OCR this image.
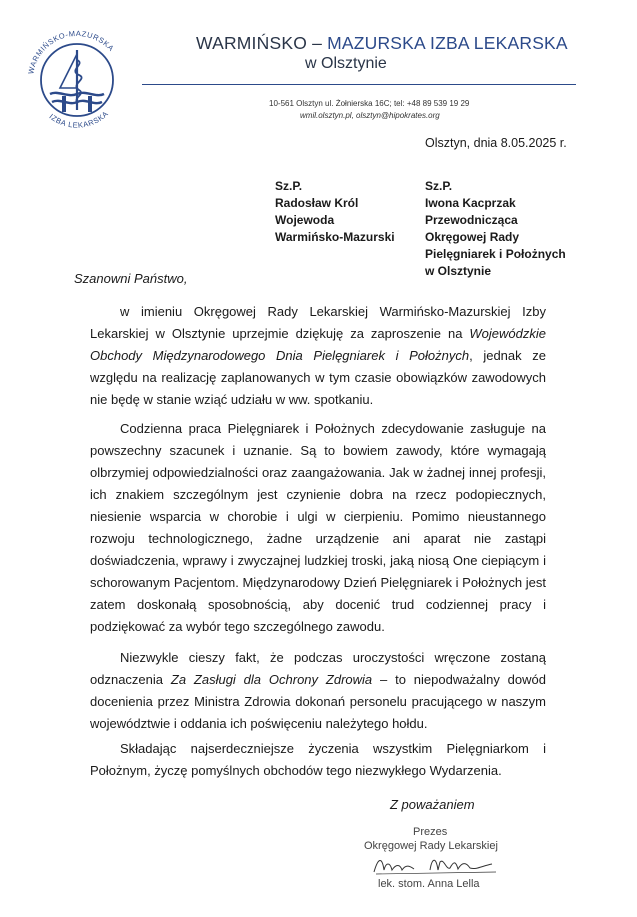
WARMIŃSKO-MAZURSKA
IZBA LEKARSKA
WARMIŃSKO – MAZURSKA IZBA LEKARSKA
w Olsztynie
10-561 Olsztyn ul. Żołnierska 16C; tel: +48 89 539 19 29
wmil.olsztyn.pl, olsztyn@hipokrates.org
Olsztyn, dnia 8.05.2025 r.
Sz.P.
Radosław Król
Wojewoda
Warmińsko-Mazurski
Sz.P.
Iwona Kacprzak
Przewodnicząca
Okręgowej Rady
Pielęgniarek i Położnych
w Olsztynie
Szanowni Państwo,

w imieniu Okręgowej Rady Lekarskiej Warmińsko-Mazurskiej Izby Lekarskiej w Olsztynie uprzejmie dziękuję za zaproszenie na Wojewódzkie Obchody Międzynarodowego Dnia Pielęgniarek i Położnych, jednak ze względu na realizację zaplanowanych w tym czasie obowiązków zawodowych nie będę w stanie wziąć udziału w ww. spotkaniu.

Codzienna praca Pielęgniarek i Położnych zdecydowanie zasługuje na powszechny szacunek i uznanie. Są to bowiem zawody, które wymagają olbrzymiej odpowiedzialności oraz zaangażowania. Jak w żadnej innej profesji, ich znakiem szczególnym jest czynienie dobra na rzecz podopiecznych, niesienie wsparcia w chorobie i ulgi w cierpieniu. Pomimo nieustannego rozwoju technologicznego, żadne urządzenie ani aparat nie zastąpi doświadczenia, wprawy i zwyczajnej ludzkiej troski, jaką niosą One ciepiącym i schorowanym Pacjentom. Międzynarodowy Dzień Pielęgniarek i Położnych jest zatem doskonałą sposobnością, aby docenić trud codziennej pracy i podziękować za wybór tego szczególnego zawodu.

Niezwykle cieszy fakt, że podczas uroczystości wręczone zostaną odznaczenia Za Zasługi dla Ochrony Zdrowia – to niepodważalny dowód docenienia przez Ministra Zdrowia dokonań personelu pracującego w naszym województwie i oddania ich poświęceniu należytego hołdu.

Składając najserdeczniejsze życzenia wszystkim Pielęgniarkom i Położnym, życzę pomyślnych obchodów tego niezwykłego Wydarzenia.

Z poważaniem
Prezes
Okręgowej Rady Lekarskiej
lek. stom. Anna Lella
